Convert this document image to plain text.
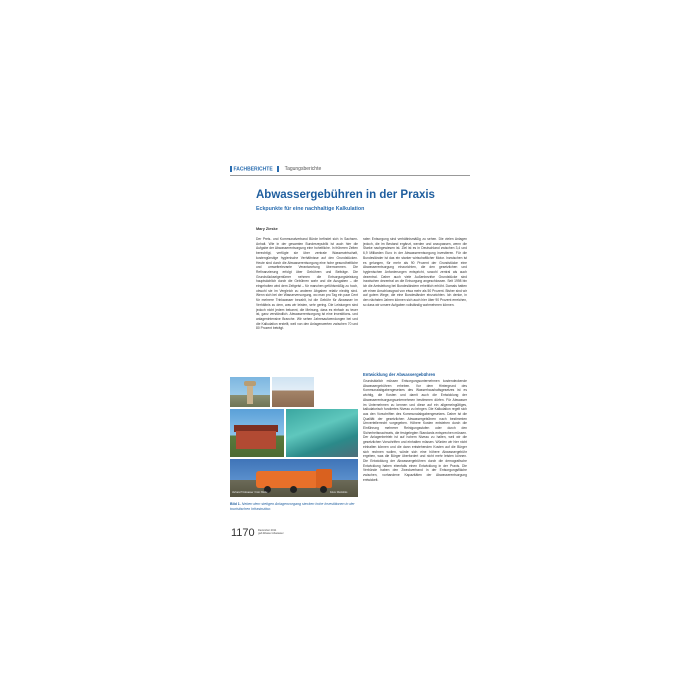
FACHBERICHTE Tagungsberichte
Abwassergebühren in der Praxis
Eckpunkte für eine nachhaltige Kalkulation
Mary Zieske

Der Preis- und Kommunalverband Bürde befindet sich in Sachsen-Anhalt. Wie in der gesamten Bundesrepublik ist auch hier die Aufgabe der Abwasserentsorgung eine hoheitliche. In früheren Zeiten berechtigt, verfügte sie über zentrale Wasserwirtschaft, kostengünstige hygienische Verhältnisse auf den Grundstücken. Heute sind durch die Abwasserentsorgung eine hohe gesundheitliche und umweltrelevante Verantwortung übernommen. Die Refinanzierung erfolgt über Gebühren und Beiträge. Die Grundstückseigentümer nehmen die Entsorgungsleistung hauptsächlich durch die Gebühren wahr und die Ausgaben – die eingeholten wird dem Zeitgeist – für manchen gefühlsmäßig zu hoch, obwohl sie im Vergleich zu anderen Abgaben relativ niedrig sind. Wenn sich bei der Wasserversorgung, wo man pro Tag ein paar Cent für mehrere Trinkwasser bezahlt, ist die Gebühr für Abwasser im Verhältnis zu dem, was wir leisten, sehr gering. Die Leistungen sind jedoch nicht jedem bekannt, die Meinung, dass es einfach zu teuer ist, ganz verständlich. Abwasserentsorgung ist eine investitions- und anlagenintensive Branche. Wir sehen Jahresaufwendungen bei und die Kalkulation erstellt, weil von den Anlagenwerten zwischen 70 und 80 Prozent beträgt.

ralen Entsorgung sind verhältnismäßig zu sehen. Die vielen Anlagen jedoch, die im Bestand ergänzt, werden und anzupassen, wenn die Starke nachgewiesen ist. Ziel ist es in Deutschland zwischen 3,4 und 6,9 Milliarden Euro in der Abwasserentsorgung investieren. Für die Bundesländer ist das ein starker wirtschaftlicher Motor. Inzwischen ist es gelungen, für mehr als 90 Prozent der Grundstücke eine Abwasserentsorgung einzurichten, die den gesetzlichen und hygienischen Anforderungen entspricht, sowohl zentral als auch dezentral. Daher auch viele Außenbezirke Grundstücke sind inzwischen dezentral an die Entsorgung angeschlossen. Seit 1998 bin ich die Amtsleitung bei Bundesländern erheblich erhöht. Damals hatten wir einen Anschlussgrad von etwa mehr als 50 Prozent. Bisher sind wir auf gutem Wege, die eine Bundesländer einzurichten. Ich denke, in den nächsten Jahren können sich auch hier über 90 Prozent erreichen, so dass wir unsere Aufgaben vollständig wahrnehmen können.

Entwicklung der Abwassergebühren

Grundsätzlich müssen Entsorgungsunternehmen kostendeckende Abwassergebühren erheben. Vor dem Hintergrund des Kommunalabgabengesetzes des Wasserhaushaltsgesetzes ist es wichtig, die Kosten und damit auch die Entwicklung der Abwasserentsorgungsunternehmen bestimmen dürfen. Für Abwasser im Unternehmen zu kennen und diese auf ein allgemeingültiges, kalkulatorisch fundiertes Niveau zu bringen. Die Kalkulation regelt sich aus den Vorschriften des Kommunalabgabengesetzes. Daher ist die Qualität der gesetzlichen Abwassergebühren nach bestimmten Umverteilerrecht vorgegeben. Höhere Kosten entstehen durch die Einführung mehrerer Reinigungsstufen oder durch den Sicherheitsnachweis, die festgelegten Standards entsprechen müssen. Der Anlagenbetrieb ist auf hohem Niveau zu halten, weil wir die gesetzlichen Vorschriften und einhalten müssen. Würden wir hier nicht einhalten können und die dann entstehenden Kosten auf die Bürger sich rechnen wollen, würde sich eine höhere Abwassergebühr ergeben, was die Bürger überfordert und nicht mehr leisten können. Die Entwicklung der Abwassergebühren durch die demografische Entwicklung haben ebenfalls einen Entwicklung in der Praxis. Die Verbünde haben den Zweckverband in der Entsorgungsfläche zwischen, vorhandene Kapazitäten der Abwasserentsorgung entwickelt.

Verband Trinkwasser / Foto: Bürde	Fotos: Werksfoto
Bild 1. Neben dem stetigen Anlagenvorgang stecken hohe Investitionen in der touristischen Infrastruktur.
1170 Dezember 2011
gwf-Wasser Abwasser
